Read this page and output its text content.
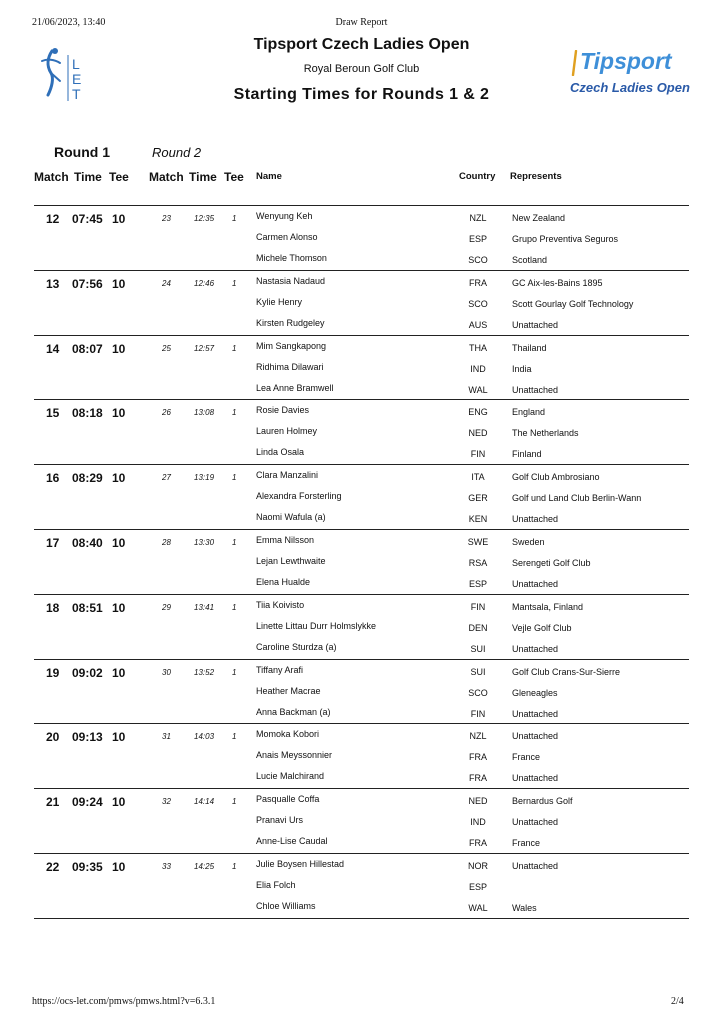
21/06/2023, 13:40	Draw Report
L
E
T
Tipsport Czech Ladies Open
Royal Beroun Golf Club
Starting Times for Rounds 1 & 2
Tipsport
Czech Ladies Open
Round 1	Round 2
Match Time Tee Match Time Tee Name	Country Represents
12 07:45 10	23	12:35 1 Wenyung Keh	NZL	New Zealand
Carmen Alonso	ESP	Grupo Preventiva Seguros
Michele Thomson	SCO	Scotland
13 07:56 10	24	12:46 1 Nastasia Nadaud	FRA	GC Aix-les-Bains 1895
Kylie Henry	SCO	Scott Gourlay Golf Technology
Kirsten Rudgeley	AUS	Unattached
14 08:07 10	25	12:57 1 Mim Sangkapong	THA	Thailand
Ridhima Dilawari	IND	India
Lea Anne Bramwell	WAL	Unattached
15 08:18 10	26	13:08 1 Rosie Davies	ENG	England
Lauren Holmey	NED	The Netherlands
Linda Osala	FIN	Finland
16 08:29 10	27	13:19 1 Clara Manzalini	ITA	Golf Club Ambrosiano
Alexandra Forsterling	GER	Golf und Land Club Berlin-Wann
Naomi Wafula (a)	KEN	Unattached
17 08:40 10	28	13:30 1 Emma Nilsson	SWE	Sweden
Lejan Lewthwaite	RSA	Serengeti Golf Club
Elena Hualde	ESP	Unattached
18 08:51 10	29	13:41 1 Tiia Koivisto	FIN	Mantsala, Finland
Linette Littau Durr Holmslykke	DEN	Vejle Golf Club
Caroline Sturdza (a)	SUI	Unattached
19 09:02 10	30	13:52 1 Tiffany Arafi	SUI	Golf Club Crans-Sur-Sierre
Heather Macrae	SCO	Gleneagles
Anna Backman (a)	FIN	Unattached
20 09:13 10	31	14:03 1 Momoka Kobori	NZL	Unattached
Anais Meyssonnier	FRA	France
Lucie Malchirand	FRA	Unattached
21 09:24 10	32	14:14 1 Pasqualle Coffa	NED	Bernardus Golf
Pranavi Urs	IND	Unattached
Anne-Lise Caudal	FRA	France
22 09:35 10	33	14:25 1 Julie Boysen Hillestad	NOR	Unattached
Elia Folch	ESP
Chloe Williams	WAL	Wales
https://ocs-let.com/pmws/pmws.html?v=6.3.1	2/4
